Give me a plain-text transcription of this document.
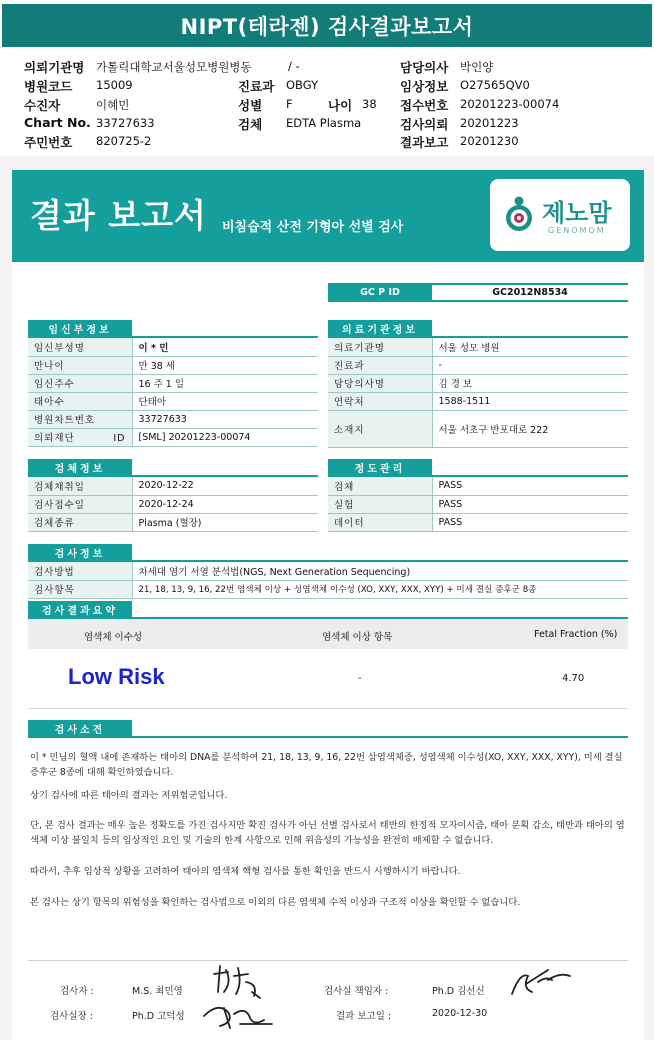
NIPT(테라젠) 검사결과보고서
의뢰기관명 가톨릭대학교서울성모병원병동	/ -	담당의사 박인양
병원코드 15009	진료과 OBGY	임상정보 O27565QV0
수진자	이혜민	성별 F	나이 38 접수번호 20201223-00074
Chart No. 33727633	검체 EDTA Plasma	검사의뢰 20201223
주민번호 820725-2	결과보고 20201230
결과 보고서 비침습적 산전 기형아 선별 검사
제노맘
GENOMOM
GC P ID	GC2012N8534
임신부정보
임신부성명	이 * 민
만나이	만 38 세
임신주수	16 주 1 일
태아수	단태아
병원차트번호	33727633
의뢰재단 ID	[SML] 20201223-00074
의료기관정보
의료기관명	서울 성모 병원
진료과	-
담당의사명	김 경 보
연락처	1588-1511
소재지	서울 서초구 반포대로 222
검체정보
검체채취일	2020-12-22
검사접수일	2020-12-24
검체종류	Plasma (혈장)
정도관리
검체	PASS
실험	PASS
데이터	PASS
검사정보
검사방법	차세대 염기 서열 분석법(NGS, Next Generation Sequencing)
검사항목	21, 18, 13, 9, 16, 22번 염색체 이상 + 성염색체 이수성 (XO, XXY, XXX, XYY) + 미세 결실 증후군 8종
검사결과요약
염색체 이수성	염색체 이상 항목	Fetal Fraction (%)
Low Risk	-	4.70
검사소견

이 * 민님의 혈액 내에 존재하는 태아의 DNA를 분석하여 21, 18, 13, 9, 16, 22번 삼염색체증, 성염색체 이수성(XO, XXY, XXX, XYY), 미세 결실 증후군 8종에 대해 확인하였습니다.

상기 검사에 따른 태아의 결과는 저위험군입니다.

단, 본 검사 결과는 매우 높은 정확도를 가진 검사지만 확진 검사가 아닌 선별 검사로서 태반의 한정적 모자이시즘, 태아 분획 감소, 태반과 태아의 염색체 이상 불일치 등의 임상적인 요인 및 기술의 한계 사항으로 인해 위음성의 가능성을 완전히 배제할 수 없습니다.

따라서, 추후 임상적 상황을 고려하여 태아의 염색체 핵형 검사를 통한 확인을 반드시 시행하시기 바랍니다.

본 검사는 상기 항목의 위험성을 확인하는 검사법으로 이외의 다른 염색체 수적 이상과 구조적 이상을 확인할 수 없습니다.

검사자 :	M.S. 최민영	검사실 책임자 :	Ph.D 김선신
검사실장 :	Ph.D 고덕성	결과 보고일 :	2020-12-30
